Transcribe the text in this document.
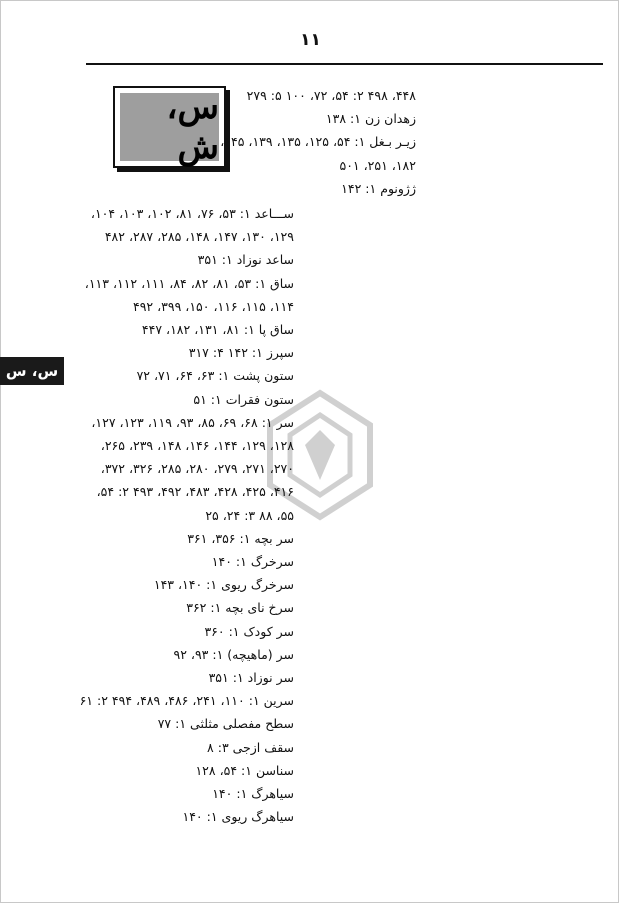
۱۱
س، ش
س، س
۴۴۸، ۴۹۸ ۲: ۵۴، ۷۲، ۱۰۰ ۵: ۲۷۹
زهدان زن ۱: ۱۳۸
زیـر بـغل ۱: ۵۴، ۱۲۵، ۱۳۵، ۱۳۹، ۱۴۵،
۱۸۲، ۲۵۱، ۵۰۱
ژژونوم ۱: ۱۴۲
ســـاعد ۱: ۵۳، ۷۶، ۸۱، ۱۰۲، ۱۰۳، ۱۰۴،
۱۲۹، ۱۳۰، ۱۴۷، ۱۴۸، ۲۸۵، ۲۸۷، ۴۸۲
ساعد نوزاد ۱: ۳۵۱
ساق ۱: ۵۳، ۸۱، ۸۲، ۸۴، ۱۱۱، ۱۱۲، ۱۱۳،
۱۱۴، ۱۱۵، ۱۱۶، ۱۵۰، ۳۹۹، ۴۹۲
ساق پا ۱: ۸۱، ۱۳۱، ۱۸۲، ۴۴۷
سپرز ۱: ۱۴۲ ۴: ۳۱۷
ستون پشت ۱: ۶۳، ۶۴، ۷۱، ۷۲
ستون فقرات ۱: ۵۱
سر ۱: ۶۸، ۶۹، ۸۵، ۹۳، ۱۱۹، ۱۲۳، ۱۲۷،
۱۲۸، ۱۲۹، ۱۴۴، ۱۴۶، ۱۴۸، ۲۳۹، ۲۶۵،
۲۷۰، ۲۷۱، ۲۷۹، ۲۸۰، ۲۸۵، ۳۲۶، ۳۷۲،
۴۱۶، ۴۲۵، ۴۲۸، ۴۸۳، ۴۹۲، ۴۹۳ ۲: ۵۴،
۵۵، ۸۸ ۳: ۲۴، ۲۵
سر بچه ۱: ۳۵۶، ۳۶۱
سرخرگ ۱: ۱۴۰
سرخرگ ریوی ۱: ۱۴۰، ۱۴۳
سرخ نای بچه ۱: ۳۶۲
سر کودک ۱: ۳۶۰
سر (ماهیچه) ۱: ۹۳، ۹۲
سر نوزاد ۱: ۳۵۱
سرین ۱: ۱۱۰، ۲۴۱، ۴۸۶، ۴۸۹، ۴۹۴ ۲: ۶۱
سطح مفصلی مثلثی ۱: ۷۷
سقف ازجی ۳: ۸
سناسن ۱: ۵۴، ۱۲۸
سیاهرگ ۱: ۱۴۰
سیاهرگ ریوی ۱: ۱۴۰
